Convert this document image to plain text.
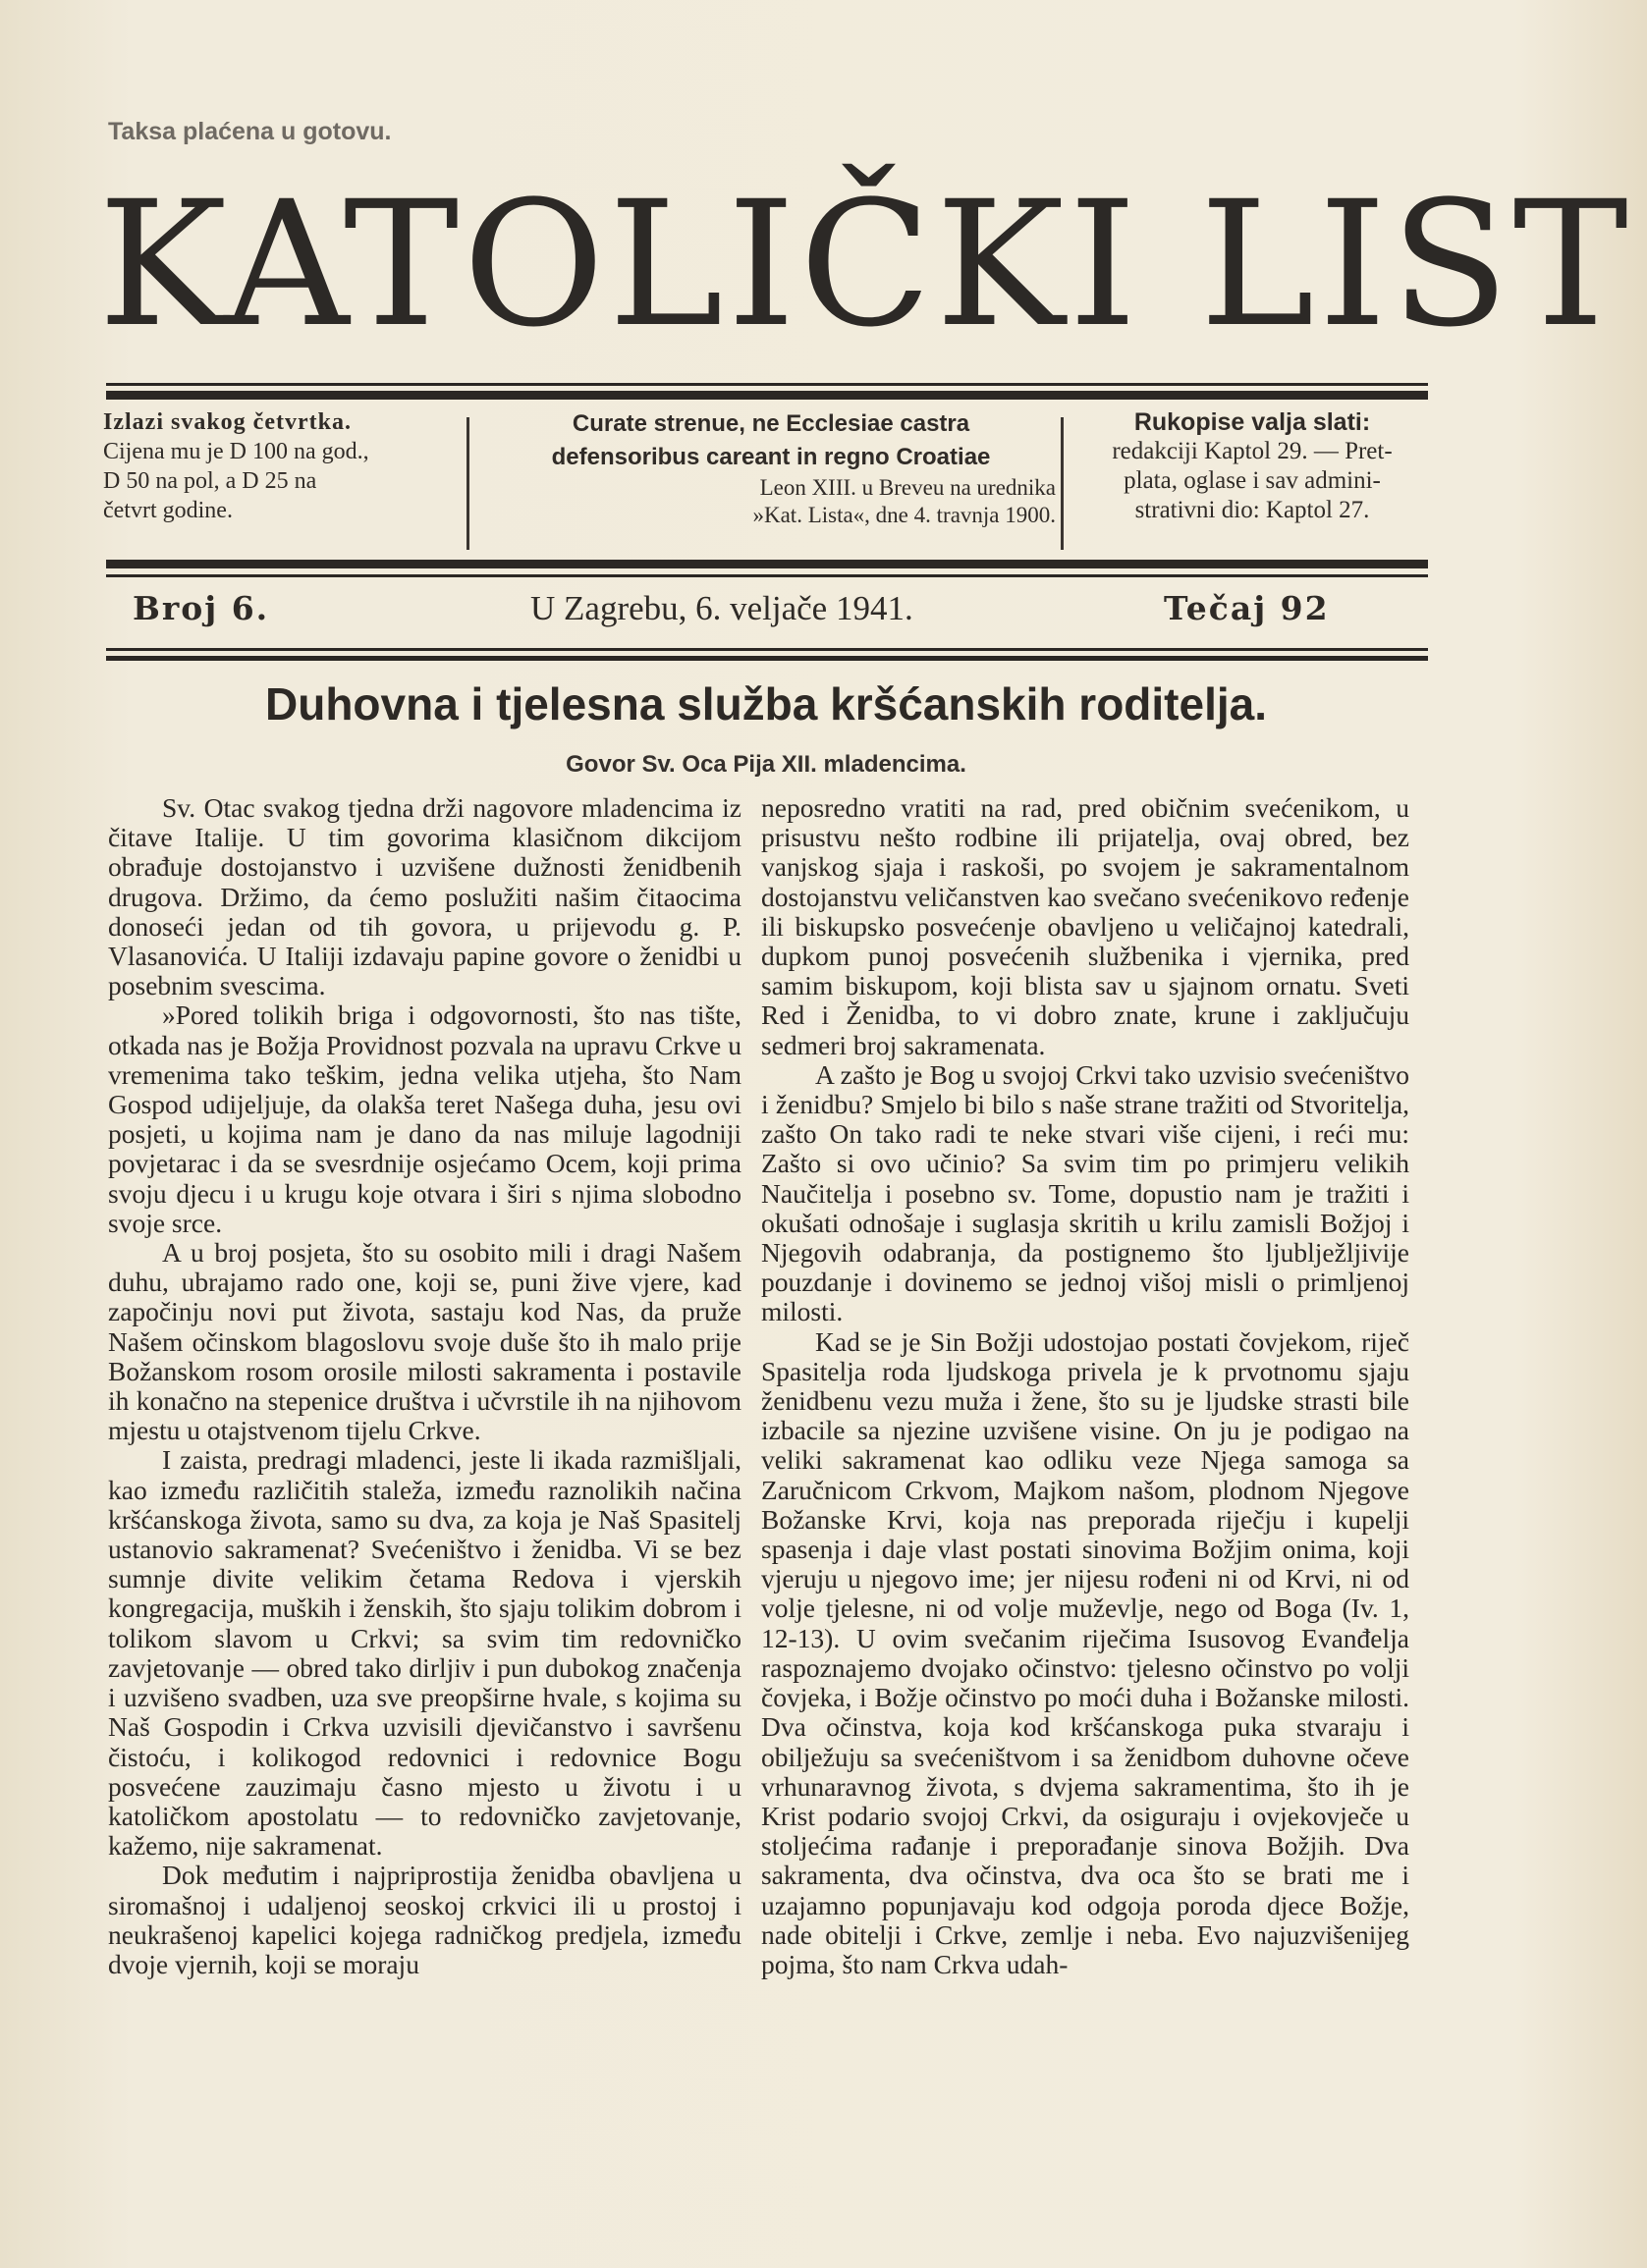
Taksa plaćena u gotovu.
KATOLIČKI LIST
Izlazi svakog četvrtka.
Cijena mu je D 100 na god.,
D 50 na pol, a D 25 na
četvrt godine.
Curate strenue, ne Ecclesiae castra
defensoribus careant in regno Croatiae
Leon XIII. u Breveu na urednika
»Kat. Lista«, dne 4. travnja 1900.
Rukopise valja slati:
redakciji Kaptol 29. — Pret-
plata, oglase i sav admini-
strativni dio: Kaptol 27.
Broj 6.	U Zagrebu, 6. veljače 1941.	Tečaj 92
Duhovna i tjelesna služba kršćanskih roditelja.
Govor Sv. Oca Pija XII. mladencima.

Sv. Otac svakog tjedna drži nagovore mladencima iz čitave Italije. U tim govorima klasičnom dikcijom obrađuje dostojanstvo i uzvišene dužnosti ženidbenih drugova. Držimo, da ćemo poslužiti našim čitaocima donoseći jedan od tih govora, u prijevodu g. P. Vlasanovića. U Italiji izdavaju papine govore o ženidbi u posebnim svescima.

»Pored tolikih briga i odgovornosti, što nas tište, otkada nas je Božja Providnost pozvala na upravu Crkve u vremenima tako teškim, jedna velika utjeha, što Nam Gospod udijeljuje, da olakša teret Našega duha, jesu ovi posjeti, u kojima nam je dano da nas miluje lagodniji povjetarac i da se svesrdnije osjećamo Ocem, koji prima svoju djecu i u krugu koje otvara i širi s njima slobodno svoje srce.

A u broj posjeta, što su osobito mili i dragi Našem duhu, ubrajamo rado one, koji se, puni žive vjere, kad započinju novi put života, sastaju kod Nas, da pruže Našem očinskom blagoslovu svoje duše što ih malo prije Božanskom rosom orosile milosti sakramenta i postavile ih konačno na stepenice društva i učvrstile ih na njihovom mjestu u otajstvenom tijelu Crkve.

I zaista, predragi mladenci, jeste li ikada razmišljali, kao između različitih staleža, između raznolikih načina kršćanskoga života, samo su dva, za koja je Naš Spasitelj ustanovio sakramenat? Svećeništvo i ženidba. Vi se bez sumnje divite velikim četama Redova i vjerskih kongregacija, muških i ženskih, što sjaju tolikim dobrom i tolikom slavom u Crkvi; sa svim tim redovničko zavjetovanje — obred tako dirljiv i pun dubokog značenja i uzvišeno svadben, uza sve preopširne hvale, s kojima su Naš Gospodin i Crkva uzvisili djevičanstvo i savršenu čistoću, i kolikogod redovnici i redovnice Bogu posvećene zauzimaju časno mjesto u životu i u katoličkom apostolatu — to redovničko zavjetovanje, kažemo, nije sakramenat.

Dok međutim i najpriprostija ženidba obavljena u siromašnoj i udaljenoj seoskoj crkvici ili u prostoj i neukrašenoj kapelici kojega radničkog predjela, između dvoje vjernih, koji se moraju

neposredno vratiti na rad, pred običnim svećenikom, u prisustvu nešto rodbine ili prijatelja, ovaj obred, bez vanjskog sjaja i raskoši, po svojem je sakramentalnom dostojanstvu veličanstven kao svečano svećenikovo ređenje ili biskupsko posvećenje obavljeno u veličajnoj katedrali, dupkom punoj posvećenih službenika i vjernika, pred samim biskupom, koji blista sav u sjajnom ornatu. Sveti Red i Ženidba, to vi dobro znate, krune i zaključuju sedmeri broj sakramenata.

A zašto je Bog u svojoj Crkvi tako uzvisio svećeništvo i ženidbu? Smjelo bi bilo s naše strane tražiti od Stvoritelja, zašto On tako radi te neke stvari više cijeni, i reći mu: Zašto si ovo učinio? Sa svim tim po primjeru velikih Naučitelja i posebno sv. Tome, dopustio nam je tražiti i okušati odnošaje i suglasja skritih u krilu zamisli Božjoj i Njegovih odabranja, da postignemo što ljublježljivije pouzdanje i dovinemo se jednoj višoj misli o primljenoj milosti.

Kad se je Sin Božji udostojao postati čovjekom, riječ Spasitelja roda ljudskoga privela je k prvotnomu sjaju ženidbenu vezu muža i žene, što su je ljudske strasti bile izbacile sa njezine uzvišene visine. On ju je podigao na veliki sakramenat kao odliku veze Njega samoga sa Zaručnicom Crkvom, Majkom našom, plodnom Njegove Božanske Krvi, koja nas preporada riječju i kupelji spasenja i daje vlast postati sinovima Božjim onima, koji vjeruju u njegovo ime; jer nijesu rođeni ni od Krvi, ni od volje tjelesne, ni od volje muževlje, nego od Boga (Iv. 1, 12-13). U ovim svečanim riječima Isusovog Evanđelja raspoznajemo dvojako očinstvo: tjelesno očinstvo po volji čovjeka, i Božje očinstvo po moći duha i Božanske milosti. Dva očinstva, koja kod kršćanskoga puka stvaraju i obilježuju sa svećeništvom i sa ženidbom duhovne očeve vrhunaravnog života, s dvjema sakramentima, što ih je Krist podario svojoj Crkvi, da osiguraju i ovjekovječe u stoljećima rađanje i preporađanje sinova Božjih. Dva sakramenta, dva očinstva, dva oca što se brati me i uzajamno popunjavaju kod odgoja poroda djece Božje, nade obitelji i Crkve, zemlje i neba. Evo najuzvišenijeg pojma, što nam Crkva udah-
